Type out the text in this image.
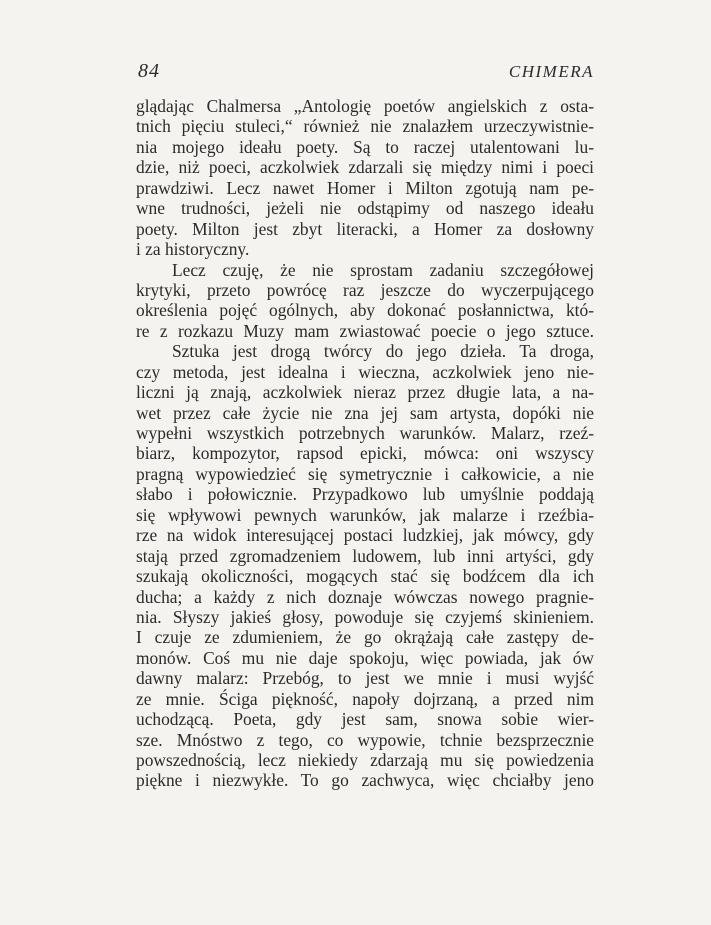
84	CHIMERA
glądając Chalmersa „Antologię poetów angielskich z osta-
tnich pięciu stuleci,“ również nie znalazłem urzeczywistnie-
nia mojego ideału poety. Są to raczej utalentowani lu-
dzie, niż poeci, aczkolwiek zdarzali się między nimi i poeci
prawdziwi. Lecz nawet Homer i Milton zgotują nam pe-
wne trudności, jeżeli nie odstąpimy od naszego ideału
poety. Milton jest zbyt literacki, a Homer za dosłowny
i za historyczny.
Lecz czuję, że nie sprostam zadaniu szczegółowej
krytyki, przeto powrócę raz jeszcze do wyczerpującego
określenia pojęć ogólnych, aby dokonać posłannictwa, któ-
re z rozkazu Muzy mam zwiastować poecie o jego sztuce.
Sztuka jest drogą twórcy do jego dzieła. Ta droga,
czy metoda, jest idealna i wieczna, aczkolwiek jeno nie-
liczni ją znają, aczkolwiek nieraz przez długie lata, a na-
wet przez całe życie nie zna jej sam artysta, dopóki nie
wypełni wszystkich potrzebnych warunków. Malarz, rzeź-
biarz, kompozytor, rapsod epicki, mówca: oni wszyscy
pragną wypowiedzieć się symetrycznie i całkowicie, a nie
słabo i połowicznie. Przypadkowo lub umyślnie poddają
się wpływowi pewnych warunków, jak malarze i rzeźbia-
rze na widok interesującej postaci ludzkiej, jak mówcy, gdy
stają przed zgromadzeniem ludowem, lub inni artyści, gdy
szukają okoliczności, mogących stać się bodźcem dla ich
ducha; a każdy z nich doznaje wówczas nowego pragnie-
nia. Słyszy jakieś głosy, powoduje się czyjemś skinieniem.
I czuje ze zdumieniem, że go okrążają całe zastępy de-
monów. Coś mu nie daje spokoju, więc powiada, jak ów
dawny malarz: Przebóg, to jest we mnie i musi wyjść
ze mnie. Ściga piękność, napoły dojrzaną, a przed nim
uchodzącą. Poeta, gdy jest sam, snowa sobie wier-
sze. Mnóstwo z tego, co wypowie, tchnie bezsprzecznie
powszednością, lecz niekiedy zdarzają mu się powiedzenia
piękne i niezwykłe. To go zachwyca, więc chciałby jeno
